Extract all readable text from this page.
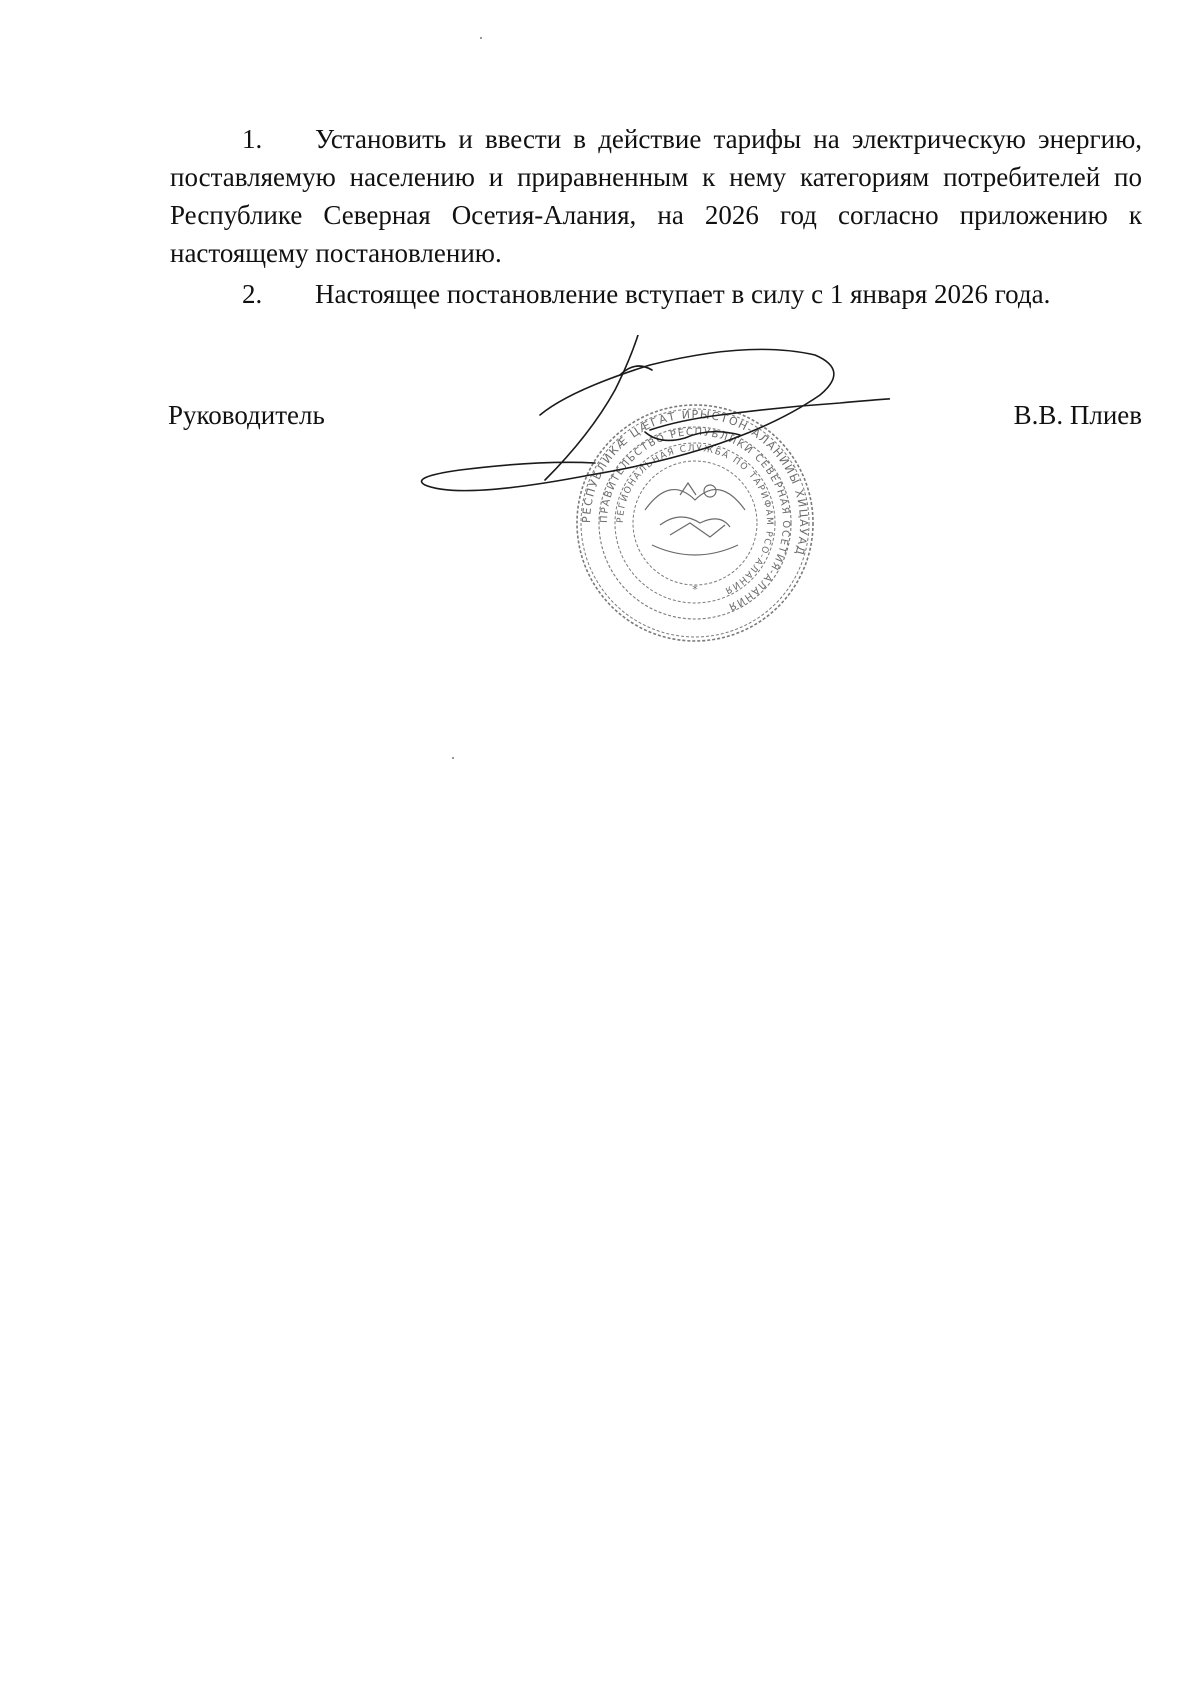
1. Установить и ввести в действие тарифы на электрическую энергию, поставляемую населению и приравненным к нему категориям потребителей по Республике Северная Осетия-Алания, на 2026 год согласно приложению к настоящему постановлению.
2. Настоящее постановление вступает в силу с 1 января 2026 года.
Руководитель	В.В. Плиев
РЕСПУБЛИКӔ ЦӔГАТ ИРЫСТОН-АЛАНИЙЫ ХИЦАУАД
ПРАВИТЕЛЬСТВО РЕСПУБЛИКИ СЕВЕРНАЯ ОСЕТИЯ-АЛАНИЯ
РЕГИОНАЛЬНАЯ СЛУЖБА ПО ТАРИФАМ РСО-АЛАНИЯ
*
